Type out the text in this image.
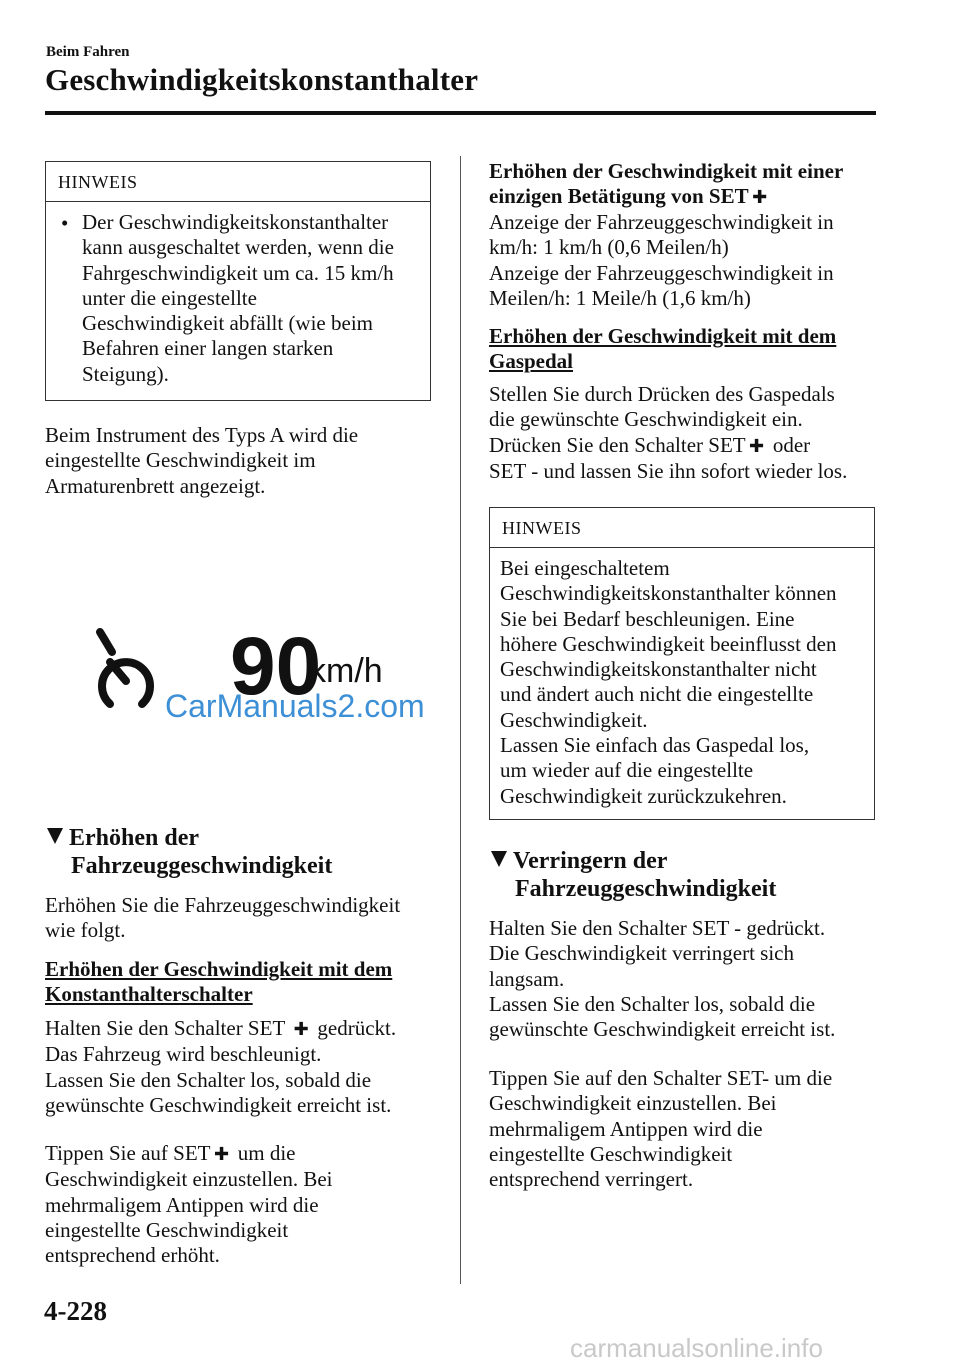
Beim Fahren
Geschwindigkeitskonstanthalter
HINWEIS
• Der Geschwindigkeitskonstanthalter
kann ausgeschaltet werden, wenn die
Fahrgeschwindigkeit um ca. 15 km/h
unter die eingestellte
Geschwindigkeit abfällt (wie beim
Befahren einer langen starken
Steigung).
Beim Instrument des Typs A wird die
eingestellte Geschwindigkeit im
Armaturenbrett angezeigt.
90
km/h
CarManuals2.com
Erhöhen der
Fahrzeuggeschwindigkeit
Erhöhen Sie die Fahrzeuggeschwindigkeit
wie folgt.
Erhöhen der Geschwindigkeit mit dem
Konstanthalterschalter
Halten Sie den Schalter SET ✚ gedrückt.
Das Fahrzeug wird beschleunigt.
Lassen Sie den Schalter los, sobald die
gewünschte Geschwindigkeit erreicht ist.
Tippen Sie auf SET ✚ um die
Geschwindigkeit einzustellen. Bei
mehrmaligem Antippen wird die
eingestellte Geschwindigkeit
entsprechend erhöht.
Erhöhen der Geschwindigkeit mit einer
einzigen Betätigung von SET ✚
Anzeige der Fahrzeuggeschwindigkeit in
km/h: 1 km/h (0,6 Meilen/h)
Anzeige der Fahrzeuggeschwindigkeit in
Meilen/h: 1 Meile/h (1,6 km/h)
Erhöhen der Geschwindigkeit mit dem
Gaspedal
Stellen Sie durch Drücken des Gaspedals
die gewünschte Geschwindigkeit ein.
Drücken Sie den Schalter SET ✚ oder
SET - und lassen Sie ihn sofort wieder los.
HINWEIS
Bei eingeschaltetem
Geschwindigkeitskonstanthalter können
Sie bei Bedarf beschleunigen. Eine
höhere Geschwindigkeit beeinflusst den
Geschwindigkeitskonstanthalter nicht
und ändert auch nicht die eingestellte
Geschwindigkeit.
Lassen Sie einfach das Gaspedal los,
um wieder auf die eingestellte
Geschwindigkeit zurückzukehren.
Verringern der
Fahrzeuggeschwindigkeit
Halten Sie den Schalter SET - gedrückt.
Die Geschwindigkeit verringert sich
langsam.
Lassen Sie den Schalter los, sobald die
gewünschte Geschwindigkeit erreicht ist.
Tippen Sie auf den Schalter SET- um die
Geschwindigkeit einzustellen. Bei
mehrmaligem Antippen wird die
eingestellte Geschwindigkeit
entsprechend verringert.
4-228
carmanualsonline.info
